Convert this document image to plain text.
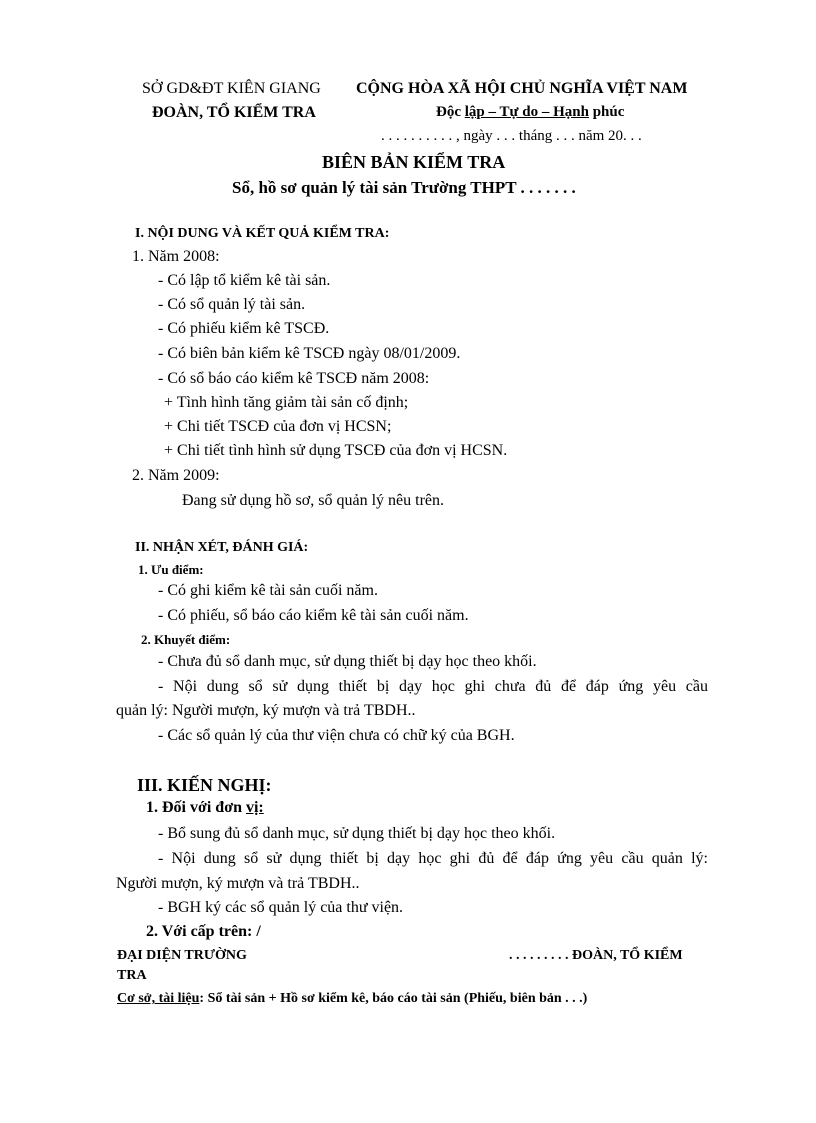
SỞ GD&ĐT KIÊN GIANG
ĐOÀN, TỔ KIỂM TRA
CỘNG HÒA XÃ HỘI CHỦ NGHĨA VIỆT NAM
Độc lập – Tự do – Hạnh phúc
. . . . . . . . . . , ngày . . . tháng . . . năm 20. . .
BIÊN BẢN KIỂM TRA
Sổ, hồ sơ quản lý tài sản Trường THPT . . . . . . .
I. NỘI DUNG VÀ KẾT QUẢ KIỂM TRA:
1. Năm 2008:
- Có lập tổ kiểm kê tài sản.
- Có sổ quản lý tài sản.
- Có phiếu kiểm kê TSCĐ.
- Có biên bản kiểm kê TSCĐ ngày 08/01/2009.
- Có sổ báo cáo kiểm kê TSCĐ năm 2008:
+ Tình hình tăng giảm tài sản cố định;
+ Chi tiết TSCĐ của đơn vị HCSN;
+ Chi tiết tình hình sử dụng TSCĐ của đơn vị HCSN.
2. Năm 2009:
Đang sử dụng hồ sơ, sổ quản lý nêu trên.
II. NHẬN XÉT, ĐÁNH GIÁ:
1. Ưu điểm:
- Có ghi kiểm kê tài sản cuối năm.
- Có phiếu, sổ báo cáo kiểm kê tài sản cuối năm.
2. Khuyết điểm:
- Chưa đủ sổ danh mục, sử dụng thiết bị dạy học theo khối.
- Nội dung sổ sử dụng thiết bị dạy học ghi chưa đủ để đáp ứng yêu cầu
quản lý: Người mượn, ký mượn và trả TBDH..
- Các sổ quản lý của thư viện chưa có chữ ký của BGH.
III. KIẾN NGHỊ:
1. Đối với đơn vị:
- Bổ sung đủ sổ danh mục, sử dụng thiết bị dạy học theo khối.
- Nội dung sổ sử dụng thiết bị dạy học ghi đủ để đáp ứng yêu cầu quản lý:
Người mượn, ký mượn và trả TBDH..
- BGH ký các sổ quản lý của thư viện.
2. Với cấp trên: /
ĐẠI DIỆN TRƯỜNG	. . . . . . . . . ĐOÀN, TỔ KIỂM
TRA
Cơ sở, tài liệu: Sổ tài sản + Hồ sơ kiểm kê, báo cáo tài sản (Phiếu, biên bản . . .)
